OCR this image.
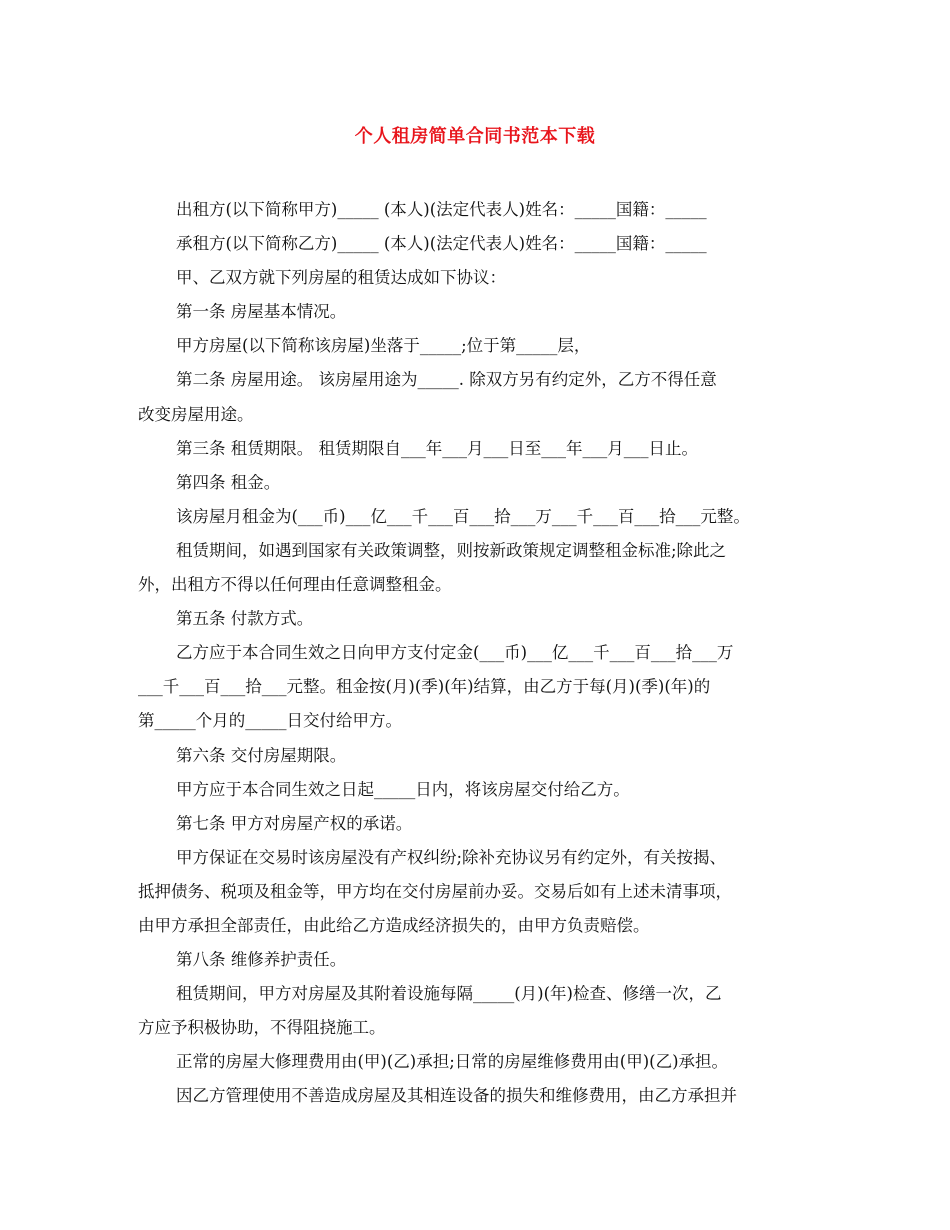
个人租房简单合同书范本下载

出租方(以下简称甲方)_____ (本人)(法定代表人)姓名：_____国籍：_____

承租方(以下简称乙方)_____ (本人)(法定代表人)姓名：_____国籍：_____

甲、乙双方就下列房屋的租赁达成如下协议：

第一条 房屋基本情况。

甲方房屋(以下简称该房屋)坐落于_____;位于第_____层，

第二条 房屋用途。 该房屋用途为_____. 除双方另有约定外，乙方不得任意

改变房屋用途。

第三条 租赁期限。 租赁期限自___年___月___日至___年___月___日止。

第四条 租金。

该房屋月租金为(___币)___亿___千___百___拾___万___千___百___拾___元整。

租赁期间，如遇到国家有关政策调整，则按新政策规定调整租金标准;除此之

外，出租方不得以任何理由任意调整租金。

第五条 付款方式。

乙方应于本合同生效之日向甲方支付定金(___币)___亿___千___百___拾___万

___千___百___拾___元整。租金按(月)(季)(年)结算，由乙方于每(月)(季)(年)的

第_____个月的_____日交付给甲方。

第六条 交付房屋期限。

甲方应于本合同生效之日起_____日内，将该房屋交付给乙方。

第七条 甲方对房屋产权的承诺。

甲方保证在交易时该房屋没有产权纠纷;除补充协议另有约定外，有关按揭、

抵押债务、税项及租金等，甲方均在交付房屋前办妥。交易后如有上述未清事项，

由甲方承担全部责任，由此给乙方造成经济损失的，由甲方负责赔偿。

第八条 维修养护责任。

租赁期间，甲方对房屋及其附着设施每隔_____(月)(年)检查、修缮一次，乙

方应予积极协助，不得阻挠施工。

正常的房屋大修理费用由(甲)(乙)承担;日常的房屋维修费用由(甲)(乙)承担。

因乙方管理使用不善造成房屋及其相连设备的损失和维修费用，由乙方承担并
